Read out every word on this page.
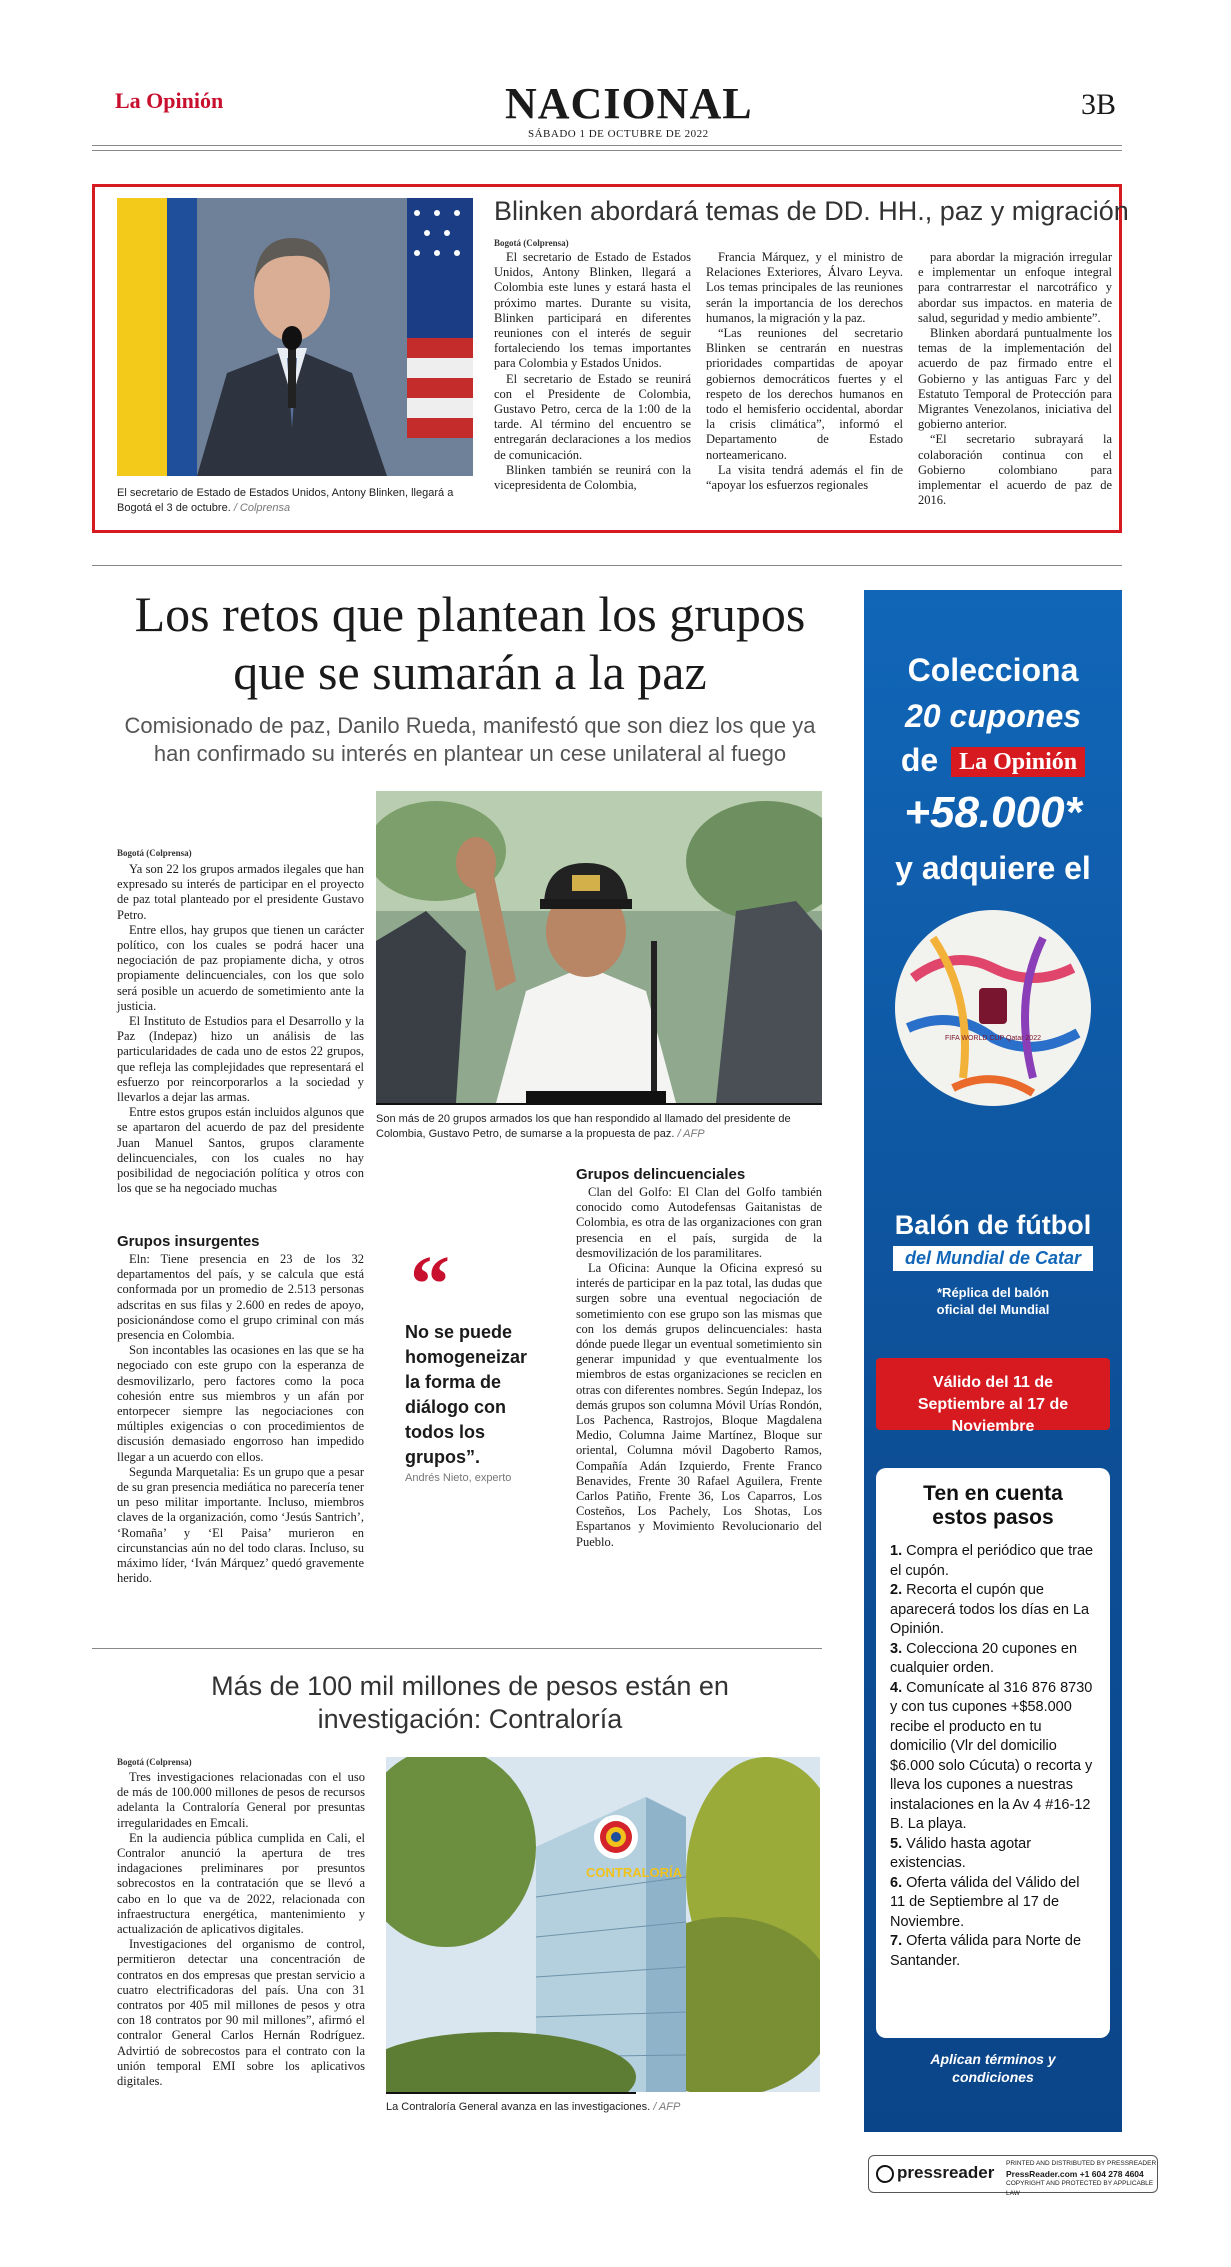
La Opinión	NACIONAL
SÁBADO 1 DE OCTUBRE DE 2022
3B
El secretario de Estado de Estados Unidos, Antony Blinken, llegará a Bogotá el 3 de octubre. / Colprensa
Blinken abordará temas de DD. HH., paz y migración
Bogotá (Colprensa)

El secretario de Estado de Estados Unidos, Antony Blinken, llegará a Colombia este lunes y estará hasta el próximo martes. Durante su visita, Blinken participará en diferentes reuniones con el interés de seguir fortaleciendo los temas importantes para Colombia y Estados Unidos.

El secretario de Estado se reunirá con el Presidente de Colombia, Gustavo Petro, cerca de la 1:00 de la tarde. Al término del encuentro se entregarán declaraciones a los medios de comunicación.

Blinken también se reunirá con la vicepresidenta de Colombia,

Francia Márquez, y el ministro de Relaciones Exteriores, Álvaro Leyva. Los temas principales de las reuniones serán la importancia de los derechos humanos, la migración y la paz.

“Las reuniones del secretario Blinken se centrarán en nuestras prioridades compartidas de apoyar gobiernos democráticos fuertes y el respeto de los derechos humanos en todo el hemisferio occidental, abordar la crisis climática”, informó el Departamento de Estado norteamericano.

La visita tendrá además el fin de “apoyar los esfuerzos regionales

para abordar la migración irregular e implementar un enfoque integral para contrarrestar el narcotráfico y abordar sus impactos. en materia de salud, seguridad y medio ambiente”.

Blinken abordará puntualmente los temas de la implementación del acuerdo de paz firmado entre el Gobierno y las antiguas Farc y del Estatuto Temporal de Protección para Migrantes Venezolanos, iniciativa del gobierno anterior.

“El secretario subrayará la colaboración continua con el Gobierno colombiano para implementar el acuerdo de paz de 2016.

Los retos que plantean los grupos que se sumarán a la paz
Comisionado de paz, Danilo Rueda, manifestó que son diez los que ya han confirmado su interés en plantear un cese unilateral al fuego
Son más de 20 grupos armados los que han respondido al llamado del presidente de Colombia, Gustavo Petro, de sumarse a la propuesta de paz. / AFP
Bogotá (Colprensa)

Ya son 22 los grupos armados ilegales que han expresado su interés de participar en el proyecto de paz total planteado por el presidente Gustavo Petro.

Entre ellos, hay grupos que tienen un carácter político, con los cuales se podrá hacer una negociación de paz propiamente dicha, y otros propiamente delincuenciales, con los que solo será posible un acuerdo de sometimiento ante la justicia.

El Instituto de Estudios para el Desarrollo y la Paz (Indepaz) hizo un análisis de las particularidades de cada uno de estos 22 grupos, que refleja las complejidades que representará el esfuerzo por reincorporarlos a la sociedad y llevarlos a dejar las armas.

Entre estos grupos están incluidos algunos que se apartaron del acuerdo de paz del presidente Juan Manuel Santos, grupos claramente delincuenciales, con los cuales no hay posibilidad de negociación política y otros con los que se ha negociado muchas

Grupos insurgentes

Eln: Tiene presencia en 23 de los 32 departamentos del país, y se calcula que está conformada por un promedio de 2.513 personas adscritas en sus filas y 2.600 en redes de apoyo, posicionándose como el grupo criminal con más presencia en Colombia.

Son incontables las ocasiones en las que se ha negociado con este grupo con la esperanza de desmovilizarlo, pero factores como la poca cohesión entre sus miembros y un afán por entorpecer siempre las negociaciones con múltiples exigencias o con procedimientos de discusión demasiado engorroso han impedido llegar a un acuerdo con ellos.

Segunda Marquetalia: Es un grupo que a pesar de su gran presencia mediática no parecería tener un peso militar importante. Incluso, miembros claves de la organización, como ‘Jesús Santrich’, ‘Romaña’ y ‘El Paisa’ murieron en circunstancias aún no del todo claras. Incluso, su máximo líder, ‘Iván Márquez’ quedó gravemente herido.

“
No se puede homogeneizar la forma de diálogo con todos los grupos”.
Andrés Nieto, experto
Grupos delincuenciales

Clan del Golfo: El Clan del Golfo también conocido como Autodefensas Gaitanistas de Colombia, es otra de las organizaciones con gran presencia en el país, surgida de la desmovilización de los paramilitares.

La Oficina: Aunque la Oficina expresó su interés de participar en la paz total, las dudas que surgen sobre una eventual negociación de sometimiento con ese grupo son las mismas que con los demás grupos delincuenciales: hasta dónde puede llegar un eventual sometimiento sin generar impunidad y que eventualmente los miembros de estas organizaciones se reciclen en otras con diferentes nombres. Según Indepaz, los demás grupos son columna Móvil Urías Rondón, Los Pachenca, Rastrojos, Bloque Magdalena Medio, Columna Jaime Martínez, Bloque sur oriental, Columna móvil Dagoberto Ramos, Compañía Adán Izquierdo, Frente Franco Benavides, Frente 30 Rafael Aguilera, Frente Carlos Patiño, Frente 36, Los Caparros, Los Costeños, Los Pachely, Los Shotas, Los Espartanos y Movimiento Revolucionario del Pueblo.

Más de 100 mil millones de pesos están en investigación: Contraloría
Bogotá (Colprensa)

Tres investigaciones relacionadas con el uso de más de 100.000 millones de pesos de recursos adelanta la Contraloría General por presuntas irregularidades en Emcali.

En la audiencia pública cumplida en Cali, el Contralor anunció la apertura de tres indagaciones preliminares por presuntos sobrecostos en la contratación que se llevó a cabo en lo que va de 2022, relacionada con infraestructura energética, mantenimiento y actualización de aplicativos digitales.

Investigaciones del organismo de control, permitieron detectar una concentración de contratos en dos empresas que prestan servicio a cuatro electrificadoras del país. Una con 31 contratos por 405 mil millones de pesos y otra con 18 contratos por 90 mil millones”, afirmó el contralor General Carlos Hernán Rodríguez. Advirtió de sobrecostos para el contrato con la unión temporal EMI sobre los aplicativos digitales.

CONTRALORÍA
La Contraloría General avanza en las investigaciones. / AFP
Colecciona
20 cupones
de La Opinión
+58.000*
y adquiere el
FIFA WORLD CUP Qatar 2022
Balón de fútbol
del Mundial de Catar
*Réplica del balón oficial del Mundial
Válido del 11 de Septiembre al 17 de Noviembre
Ten en cuenta estos pasos
1. Compra el periódico que trae el cupón.
2. Recorta el cupón que aparecerá todos los días en La Opinión.
3. Colecciona 20 cupones en cualquier orden.
4. Comunícate al 316 876 8730 y con tus cupones +$58.000 recibe el producto en tu domicilio (Vlr del domicilio $6.000 solo Cúcuta) o recorta y lleva los cupones a nuestras instalaciones en la Av 4 #16-12 B. La playa.
5. Válido hasta agotar existencias.
6. Oferta válida del Válido del 11 de Septiembre al 17 de Noviembre.
7. Oferta válida para Norte de Santander.
Aplican términos y condiciones
pressreader PRINTED AND DISTRIBUTED BY PRESSREADER
PressReader.com +1 604 278 4604
COPYRIGHT AND PROTECTED BY APPLICABLE LAW
